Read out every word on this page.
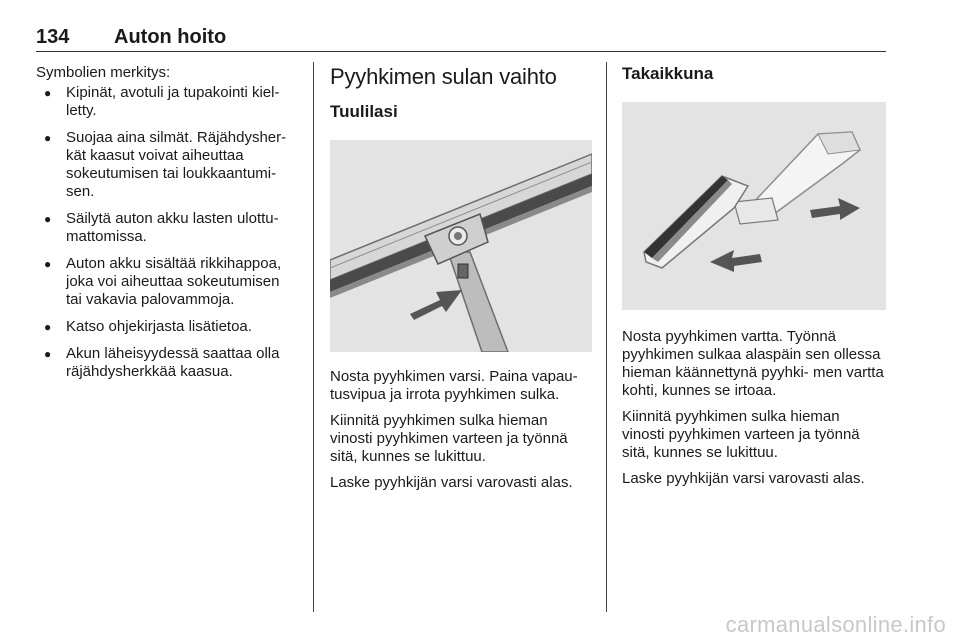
134 Auton hoito

Symbolien merkitys:

● Kipinät, avotuli ja tupakointi kiel- letty.
● Suojaa aina silmät. Räjähdysher- kät kaasut voivat aiheuttaa sokeutumisen tai loukkaantumi- sen.
● Säilytä auton akku lasten ulottu- mattomissa.
● Auton akku sisältää rikkihappoa, joka voi aiheuttaa sokeutumisen tai vakavia palovammoja.
● Katso ohjekirjasta lisätietoa.
● Akun läheisyydessä saattaa olla räjähdysherkkää kaasua.
Pyyhkimen sulan vaihto
Tuulilasi

Nosta pyyhkimen varsi. Paina vapau- tusvipua ja irrota pyyhkimen sulka.

Kiinnitä pyyhkimen sulka hieman vinosti pyyhkimen varteen ja työnnä sitä, kunnes se lukittuu.

Laske pyyhkijän varsi varovasti alas.

Takaikkuna

Nosta pyyhkimen vartta. Työnnä pyyhkimen sulkaa alaspäin sen ollessa hieman käännettynä pyyhki- men vartta kohti, kunnes se irtoaa.

Kiinnitä pyyhkimen sulka hieman vinosti pyyhkimen varteen ja työnnä sitä, kunnes se lukittuu.

Laske pyyhkijän varsi varovasti alas.

carmanualsonline.info
